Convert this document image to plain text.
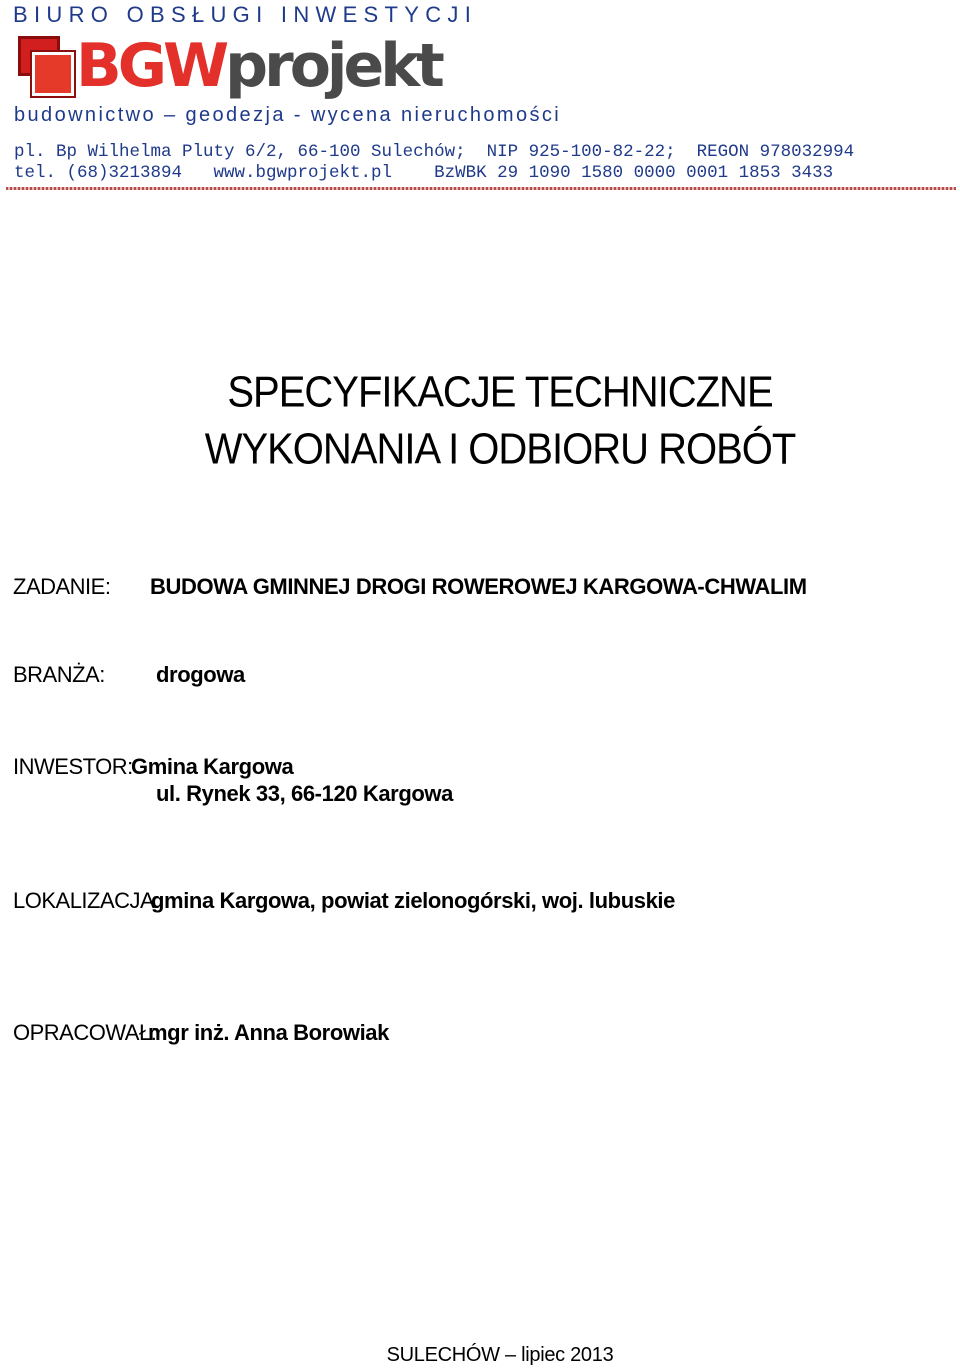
BIURO OBSŁUGI INWESTYCJI
BGWprojekt
budownictwo – geodezja - wycena nieruchomości
pl. Bp Wilhelma Pluty 6/2, 66-100 Sulechów;  NIP 925-100-82-22;  REGON 978032994
tel. (68)3213894   www.bgwprojekt.pl    BzWBK 29 1090 1580 0000 0001 1853 3433
SPECYFIKACJE TECHNICZNE
WYKONANIA I ODBIORU ROBÓT
ZADANIE: BUDOWA GMINNEJ DROGI ROWEROWEJ KARGOWA-CHWALIM
BRANŻA: drogowa
INWESTOR:
Gmina Kargowa
ul. Rynek 33, 66-120 Kargowa
LOKALIZACJA:
gmina Kargowa, powiat zielonogórski, woj. lubuskie
OPRACOWAŁ:
mgr inż. Anna Borowiak
SULECHÓW – lipiec 2013
